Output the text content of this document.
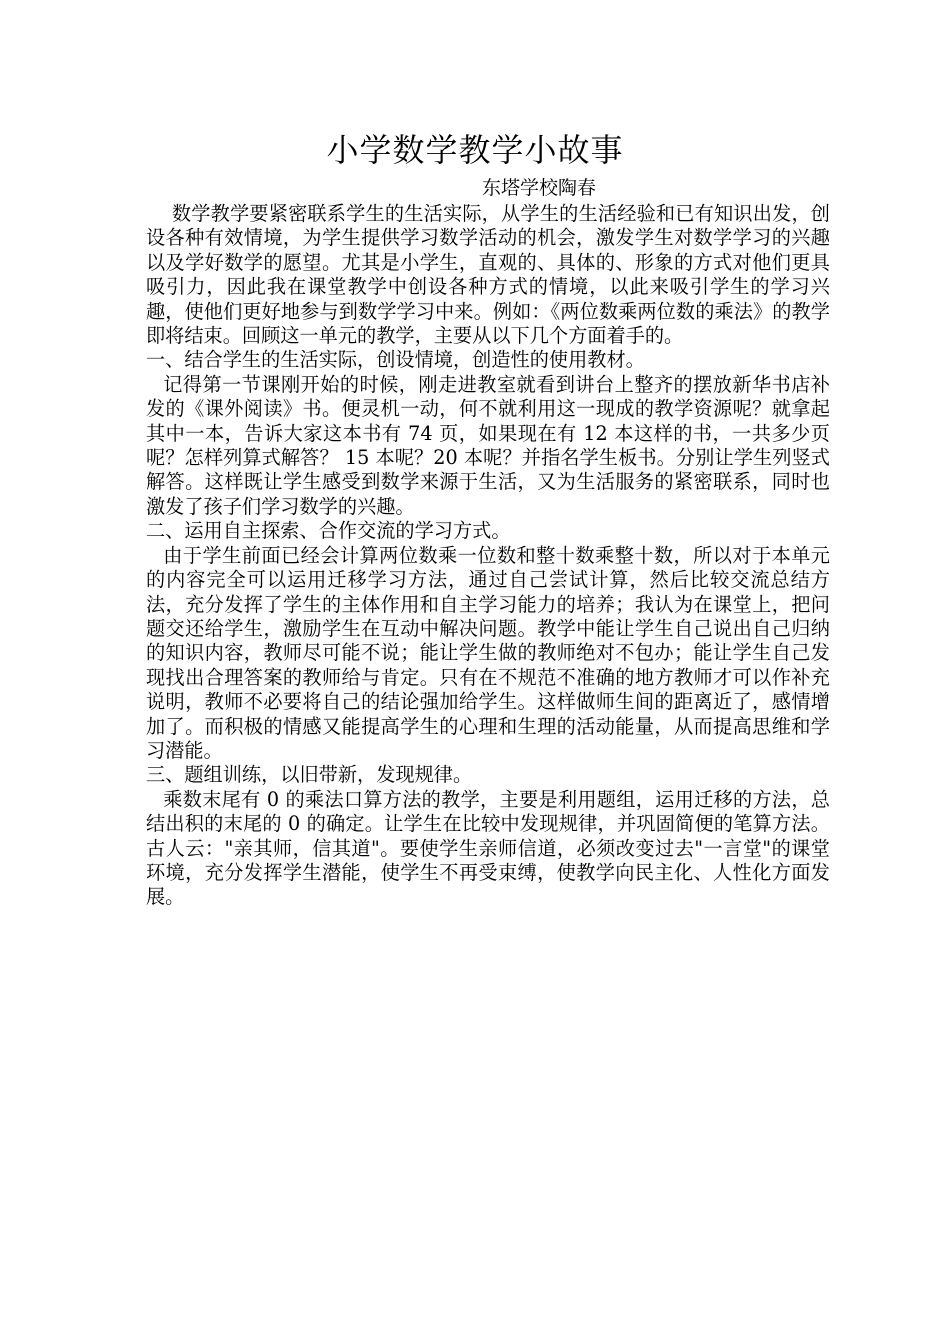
小学数学教学小故事
东塔学校陶春

数学教学要紧密联系学生的生活实际，从学生的生活经验和已有知识出发，创设各种有效情境，为学生提供学习数学活动的机会，激发学生对数学学习的兴趣以及学好数学的愿望。尤其是小学生，直观的、具体的、形象的方式对他们更具吸引力，因此我在课堂教学中创设各种方式的情境，以此来吸引学生的学习兴趣，使他们更好地参与到数学学习中来。例如：《两位数乘两位数的乘法》的教学即将结束。回顾这一单元的教学，主要从以下几个方面着手的。

一、结合学生的生活实际，创设情境，创造性的使用教材。

记得第一节课刚开始的时候，刚走进教室就看到讲台上整齐的摆放新华书店补发的《课外阅读》书。便灵机一动，何不就利用这一现成的教学资源呢？就拿起其中一本，告诉大家这本书有 74 页，如果现在有 12 本这样的书，一共多少页呢？怎样列算式解答？ 15 本呢？20 本呢？并指名学生板书。分别让学生列竖式解答。这样既让学生感受到数学来源于生活，又为生活服务的紧密联系，同时也激发了孩子们学习数学的兴趣。

二、运用自主探索、合作交流的学习方式。

由于学生前面已经会计算两位数乘一位数和整十数乘整十数，所以对于本单元的内容完全可以运用迁移学习方法，通过自己尝试计算，然后比较交流总结方法，充分发挥了学生的主体作用和自主学习能力的培养；我认为在课堂上，把问题交还给学生，激励学生在互动中解决问题。教学中能让学生自己说出自己归纳的知识内容，教师尽可能不说；能让学生做的教师绝对不包办；能让学生自己发现找出合理答案的教师给与肯定。只有在不规范不准确的地方教师才可以作补充说明，教师不必要将自己的结论强加给学生。这样做师生间的距离近了，感情增加了。而积极的情感又能提高学生的心理和生理的活动能量，从而提高思维和学习潜能。

三、题组训练，以旧带新，发现规律。

乘数末尾有 0 的乘法口算方法的教学，主要是利用题组，运用迁移的方法，总结出积的末尾的 0 的确定。让学生在比较中发现规律，并巩固简便的笔算方法。古人云："亲其师，信其道"。要使学生亲师信道，必须改变过去"一言堂"的课堂环境，充分发挥学生潜能，使学生不再受束缚，使教学向民主化、人性化方面发展。
